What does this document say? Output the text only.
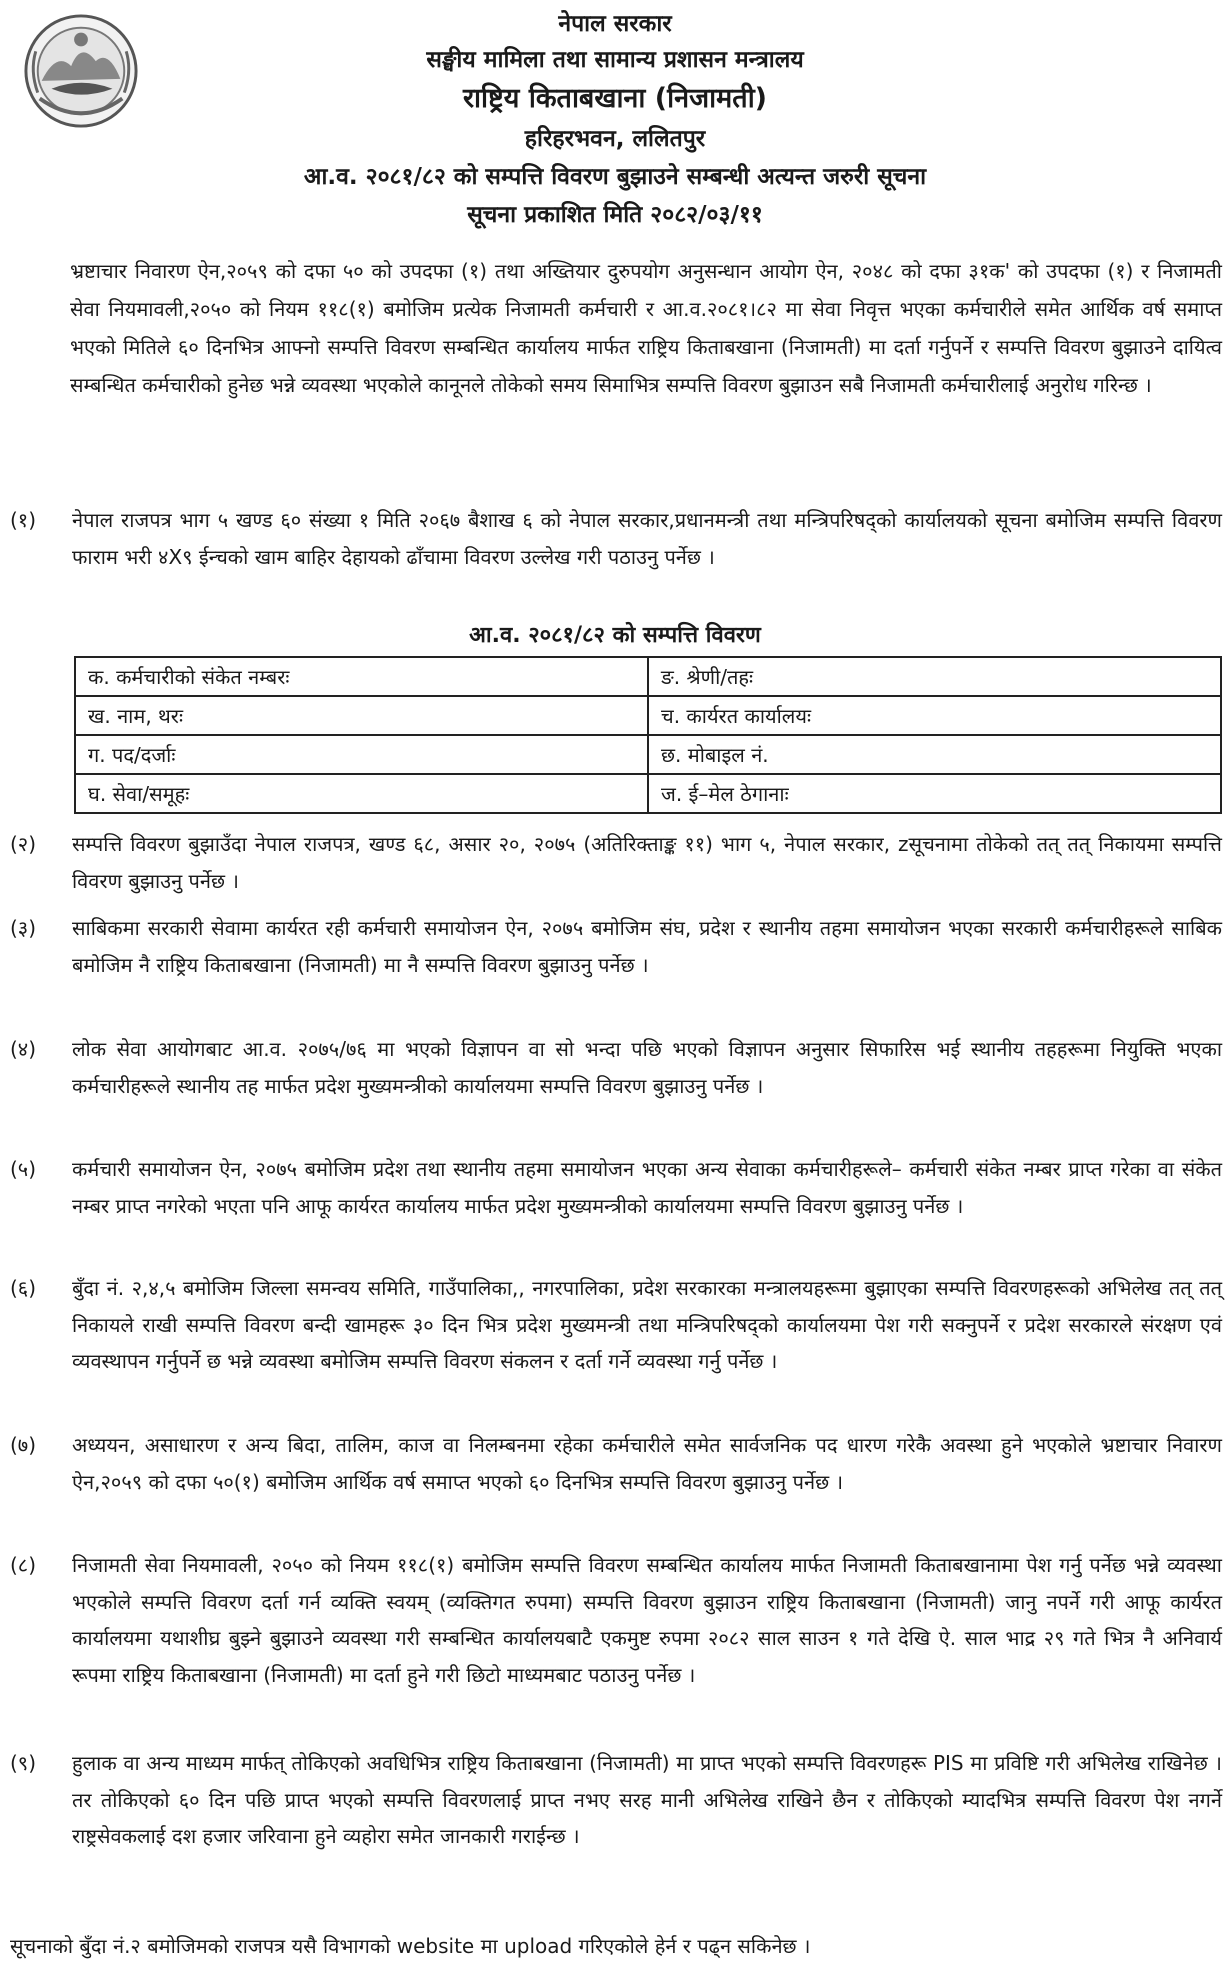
नेपाल सरकार
सङ्घीय मामिला तथा सामान्य प्रशासन मन्त्रालय
राष्ट्रिय किताबखाना (निजामती)
हरिहरभवन, ललितपुर
आ.व. २०८१/८२ को सम्पत्ति विवरण बुझाउने सम्बन्धी अत्यन्त जरुरी सूचना
सूचना प्रकाशित मिति २०८२/०३/११
भ्रष्टाचार निवारण ऐन,२०५९ को दफा ५० को उपदफा (१) तथा अख्तियार दुरुपयोग अनुसन्धान आयोग ऐन, २०४८ को दफा ३१क' को उपदफा (१) र निजामती सेवा नियमावली,२०५० को नियम ११८(१) बमोजिम प्रत्येक निजामती कर्मचारी र आ.व.२०८१।८२ मा सेवा निवृत्त भएका कर्मचारीले समेत आर्थिक वर्ष समाप्त भएको मितिले ६० दिनभित्र आफ्नो सम्पत्ति विवरण सम्बन्धित कार्यालय मार्फत राष्ट्रिय किताबखाना (निजामती) मा दर्ता गर्नुपर्ने र सम्पत्ति विवरण बुझाउने दायित्व सम्बन्धित कर्मचारीको हुनेछ भन्ने व्यवस्था भएकोले कानूनले तोकेको समय सिमाभित्र सम्पत्ति विवरण बुझाउन सबै निजामती कर्मचारीलाई अनुरोध गरिन्छ ।
(१)	नेपाल राजपत्र भाग ५ खण्ड ६० संख्या १ मिति २०६७ बैशाख ६ को नेपाल सरकार,प्रधानमन्त्री तथा मन्त्रिपरिषद्को कार्यालयको सूचना बमोजिम सम्पत्ति विवरण फाराम भरी ४X९ ईन्चको खाम बाहिर देहायको ढाँचामा विवरण उल्लेख गरी पठाउनु पर्नेछ ।
आ.व. २०८१/८२ को सम्पत्ति विवरण
क. कर्मचारीको संकेत नम्बरः	ङ. श्रेणी/तहः
ख. नाम, थरः	च. कार्यरत कार्यालयः
ग. पद/दर्जाः	छ. मोबाइल नं.
घ. सेवा/समूहः	ज. ई–मेल ठेगानाः
(२)	सम्पत्ति विवरण बुझाउँदा नेपाल राजपत्र, खण्ड ६८, असार २०, २०७५ (अतिरिक्ताङ्क ११) भाग ५, नेपाल सरकार, zसूचनामा तोकेको तत् तत् निकायमा सम्पत्ति विवरण बुझाउनु पर्नेछ ।
(३)	साबिकमा सरकारी सेवामा कार्यरत रही कर्मचारी समायोजन ऐन, २०७५ बमोजिम संघ, प्रदेश र स्थानीय तहमा समायोजन भएका सरकारी कर्मचारीहरूले साबिक बमोजिम नै राष्ट्रिय किताबखाना (निजामती) मा नै सम्पत्ति विवरण बुझाउनु पर्नेछ ।
(४)	लोक सेवा आयोगबाट आ.व. २०७५/७६ मा भएको विज्ञापन वा सो भन्दा पछि भएको विज्ञापन अनुसार सिफारिस भई स्थानीय तहहरूमा नियुक्ति भएका कर्मचारीहरूले स्थानीय तह मार्फत प्रदेश मुख्यमन्त्रीको कार्यालयमा सम्पत्ति विवरण बुझाउनु पर्नेछ ।
(५)	कर्मचारी समायोजन ऐन, २०७५ बमोजिम प्रदेश तथा स्थानीय तहमा समायोजन भएका अन्य सेवाका कर्मचारीहरूले– कर्मचारी संकेत नम्बर प्राप्त गरेका वा संकेत नम्बर प्राप्त नगरेको भएता पनि आफू कार्यरत कार्यालय मार्फत प्रदेश मुख्यमन्त्रीको कार्यालयमा सम्पत्ति विवरण बुझाउनु पर्नेछ ।
(६)	बुँदा नं. २,४,५ बमोजिम जिल्ला समन्वय समिति, गाउँपालिका,, नगरपालिका, प्रदेश सरकारका मन्त्रालयहरूमा बुझाएका सम्पत्ति विवरणहरूको अभिलेख तत् तत् निकायले राखी सम्पत्ति विवरण बन्दी खामहरू ३० दिन भित्र प्रदेश मुख्यमन्त्री तथा मन्त्रिपरिषद्को कार्यालयमा पेश गरी सक्नुपर्ने र प्रदेश सरकारले संरक्षण एवं व्यवस्थापन गर्नुपर्ने छ भन्ने व्यवस्था बमोजिम सम्पत्ति विवरण संकलन र दर्ता गर्ने व्यवस्था गर्नु पर्नेछ ।
(७)	अध्ययन, असाधारण र अन्य बिदा, तालिम, काज वा निलम्बनमा रहेका कर्मचारीले समेत सार्वजनिक पद धारण गरेकै अवस्था हुने भएकोले भ्रष्टाचार निवारण ऐन,२०५९ को दफा ५०(१) बमोजिम आर्थिक वर्ष समाप्त भएको ६० दिनभित्र सम्पत्ति विवरण बुझाउनु पर्नेछ ।
(८)	निजामती सेवा नियमावली, २०५० को नियम ११८(१) बमोजिम सम्पत्ति विवरण सम्बन्धित कार्यालय मार्फत निजामती किताबखानामा पेश गर्नु पर्नेछ भन्ने व्यवस्था भएकोले सम्पत्ति विवरण दर्ता गर्न व्यक्ति स्वयम् (व्यक्तिगत रुपमा) सम्पत्ति विवरण बुझाउन राष्ट्रिय किताबखाना (निजामती) जानु नपर्ने गरी आफू कार्यरत कार्यालयमा यथाशीघ्र बुझ्ने बुझाउने व्यवस्था गरी सम्बन्धित कार्यालयबाटै एकमुष्ट रुपमा २०८२ साल साउन १ गते देखि ऐ. साल भाद्र २९ गते भित्र नै अनिवार्य रूपमा राष्ट्रिय किताबखाना (निजामती) मा दर्ता हुने गरी छिटो माध्यमबाट पठाउनु पर्नेछ ।
(९)	हुलाक वा अन्य माध्यम मार्फत् तोकिएको अवधिभित्र राष्ट्रिय किताबखाना (निजामती) मा प्राप्त भएको सम्पत्ति विवरणहरू PIS मा प्रविष्टि गरी अभिलेख राखिनेछ । तर तोकिएको ६० दिन पछि प्राप्त भएको सम्पत्ति विवरणलाई प्राप्त नभए सरह मानी अभिलेख राखिने छैन र तोकिएको म्यादभित्र सम्पत्ति विवरण पेश नगर्ने राष्ट्रसेवकलाई दश हजार जरिवाना हुने व्यहोरा समेत जानकारी गराईन्छ ।
सूचनाको बुँदा नं.२ बमोजिमको राजपत्र यसै विभागको website मा upload गरिएकोले हेर्न र पढ्न सकिनेछ ।
